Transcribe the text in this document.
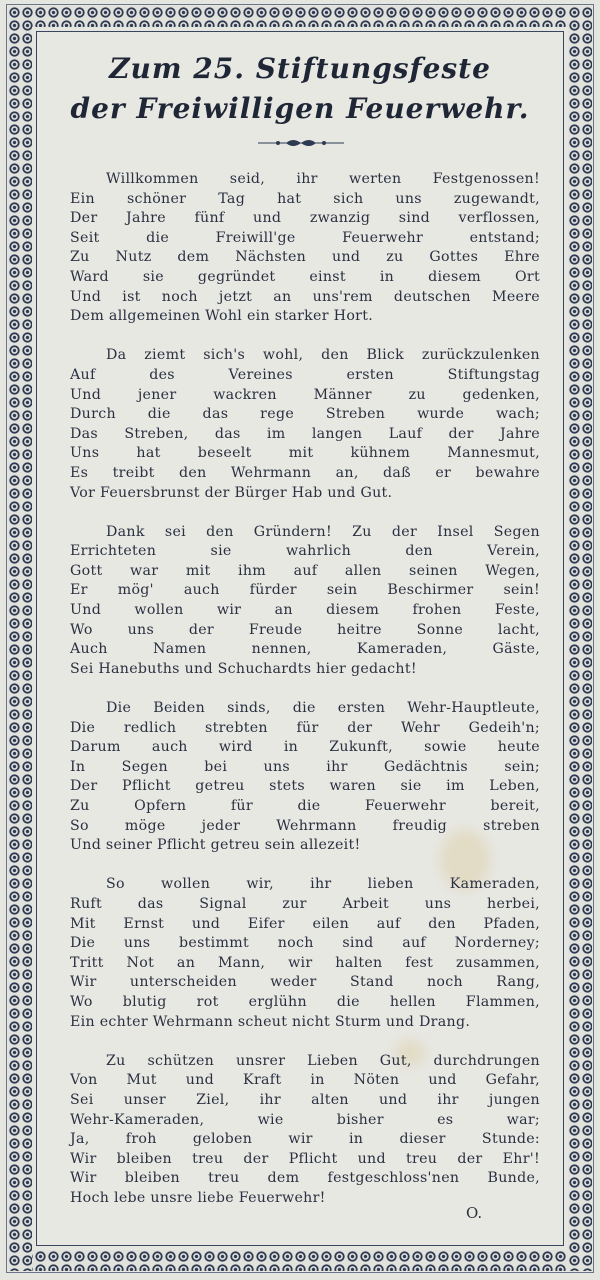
Zum 25. Stiftungsfeste
der Freiwilligen Feuerwehr.
Willkommen seid, ihr werten Festgenossen!
Ein schöner Tag hat sich uns zugewandt,
Der Jahre fünf und zwanzig sind verflossen,
Seit die Freiwill'ge Feuerwehr entstand;
Zu Nutz dem Nächsten und zu Gottes Ehre
Ward sie gegründet einst in diesem Ort
Und ist noch jetzt an uns'rem deutschen Meere
Dem allgemeinen Wohl ein starker Hort.
Da ziemt sich's wohl, den Blick zurückzulenken
Auf des Vereines ersten Stiftungstag
Und jener wackren Männer zu gedenken,
Durch die das rege Streben wurde wach;
Das Streben, das im langen Lauf der Jahre
Uns hat beseelt mit kühnem Mannesmut,
Es treibt den Wehrmann an, daß er bewahre
Vor Feuersbrunst der Bürger Hab und Gut.
Dank sei den Gründern! Zu der Insel Segen
Errichteten sie wahrlich den Verein,
Gott war mit ihm auf allen seinen Wegen,
Er mög' auch fürder sein Beschirmer sein!
Und wollen wir an diesem frohen Feste,
Wo uns der Freude heitre Sonne lacht,
Auch Namen nennen, Kameraden, Gäste,
Sei Hanebuths und Schuchardts hier gedacht!
Die Beiden sinds, die ersten Wehr-Hauptleute,
Die redlich strebten für der Wehr Gedeih'n;
Darum auch wird in Zukunft, sowie heute
In Segen bei uns ihr Gedächtnis sein;
Der Pflicht getreu stets waren sie im Leben,
Zu Opfern für die Feuerwehr bereit,
So möge jeder Wehrmann freudig streben
Und seiner Pflicht getreu sein allezeit!
So wollen wir, ihr lieben Kameraden,
Ruft das Signal zur Arbeit uns herbei,
Mit Ernst und Eifer eilen auf den Pfaden,
Die uns bestimmt noch sind auf Norderney;
Tritt Not an Mann, wir halten fest zusammen,
Wir unterscheiden weder Stand noch Rang,
Wo blutig rot erglühn die hellen Flammen,
Ein echter Wehrmann scheut nicht Sturm und Drang.
Zu schützen unsrer Lieben Gut, durchdrungen
Von Mut und Kraft in Nöten und Gefahr,
Sei unser Ziel, ihr alten und ihr jungen
Wehr-Kameraden, wie bisher es war;
Ja, froh geloben wir in dieser Stunde:
Wir bleiben treu der Pflicht und treu der Ehr'!
Wir bleiben treu dem festgeschloss'nen Bunde,
Hoch lebe unsre liebe Feuerwehr!
O.
